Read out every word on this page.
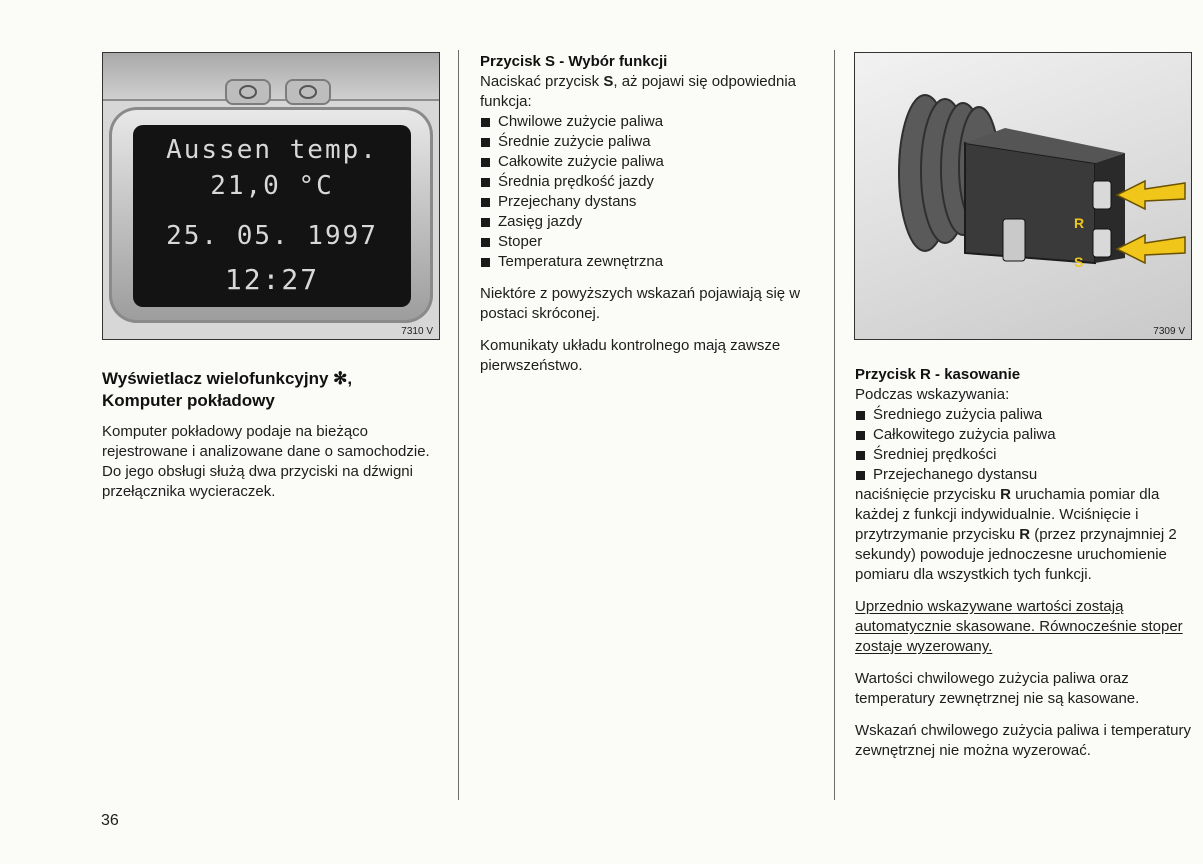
Aussen temp.
21,0 °C
25. 05. 1997
12:27
7310 V
Wyświetlacz wielofunkcyjny ✻,
Komputer pokładowy

Komputer pokładowy podaje na bieżąco rejestrowane i analizowane dane o samochodzie. Do jego obsługi służą dwa przyciski na dźwigni przełącznika wycieraczek.

Przycisk S - Wybór funkcji

Naciskać przycisk S, aż pojawi się odpowiednia funkcja:

Chwilowe zużycie paliwa
Średnie zużycie paliwa
Całkowite zużycie paliwa
Średnia prędkość jazdy
Przejechany dystans
Zasięg jazdy
Stoper
Temperatura zewnętrzna

Niektóre z powyższych wskazań pojawiają się w postaci skróconej.

Komunikaty układu kontrolnego mają zawsze pierwszeństwo.

R
S
7309 V
Przycisk R - kasowanie

Podczas wskazywania:

Średniego zużycia paliwa
Całkowitego zużycia paliwa
Średniej prędkości
Przejechanego dystansu

naciśnięcie przycisku R uruchamia pomiar dla każdej z funkcji indywidualnie. Wciśnięcie i przytrzymanie przycisku R (przez przynajmniej 2 sekundy) powoduje jednoczesne uruchomienie pomiaru dla wszystkich tych funkcji.

Uprzednio wskazywane wartości zostają automatycznie skasowane. Równocześnie stoper zostaje wyzerowany.

Wartości chwilowego zużycia paliwa oraz temperatury zewnętrznej nie są kasowane.

Wskazań chwilowego zużycia paliwa i temperatury zewnętrznej nie można wyzerować.

36
